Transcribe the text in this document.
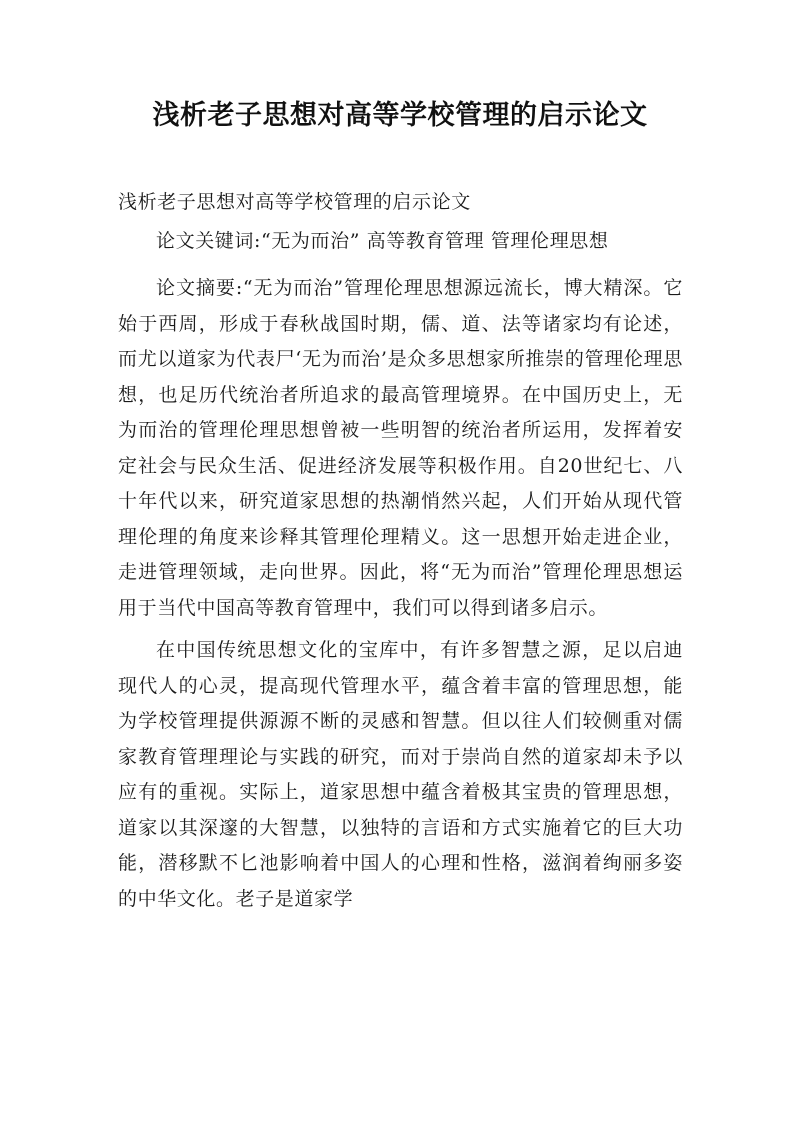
浅析老子思想对高等学校管理的启示论文

浅析老子思想对高等学校管理的启示论文

论文关键词:“无为而治” 高等教育管理 管理伦理思想

论文摘要:“无为而治”管理伦理思想源远流长，博大精深。它始于西周，形成于春秋战国时期，儒、道、法等诸家均有论述，而尤以道家为代表尸‘无为而治’是众多思想家所推崇的管理伦理思想，也足历代统治者所追求的最高管理境界。在中国历史上，无为而治的管理伦理思想曾被一些明智的统治者所运用，发挥着安定社会与民众生活、促进经济发展等积极作用。自20世纪七、八十年代以来，研究道家思想的热潮悄然兴起，人们开始从现代管理伦理的角度来诊释其管理伦理精义。这一思想开始走进企业，走进管理领域，走向世界。因此，将“无为而治”管理伦理思想运用于当代中国高等教育管理中，我们可以得到诸多启示。

在中国传统思想文化的宝库中，有许多智慧之源，足以启迪现代人的心灵，提高现代管理水平，蕴含着丰富的管理思想，能为学校管理提供源源不断的灵感和智慧。但以往人们较侧重对儒家教育管理理论与实践的研究，而对于崇尚自然的道家却未予以应有的重视。实际上，道家思想中蕴含着极其宝贵的管理思想，道家以其深邃的大智慧，以独特的言语和方式实施着它的巨大功能，潜移默不匕池影响着中国人的心理和性格，滋润着绚丽多姿的中华文化。老子是道家学
